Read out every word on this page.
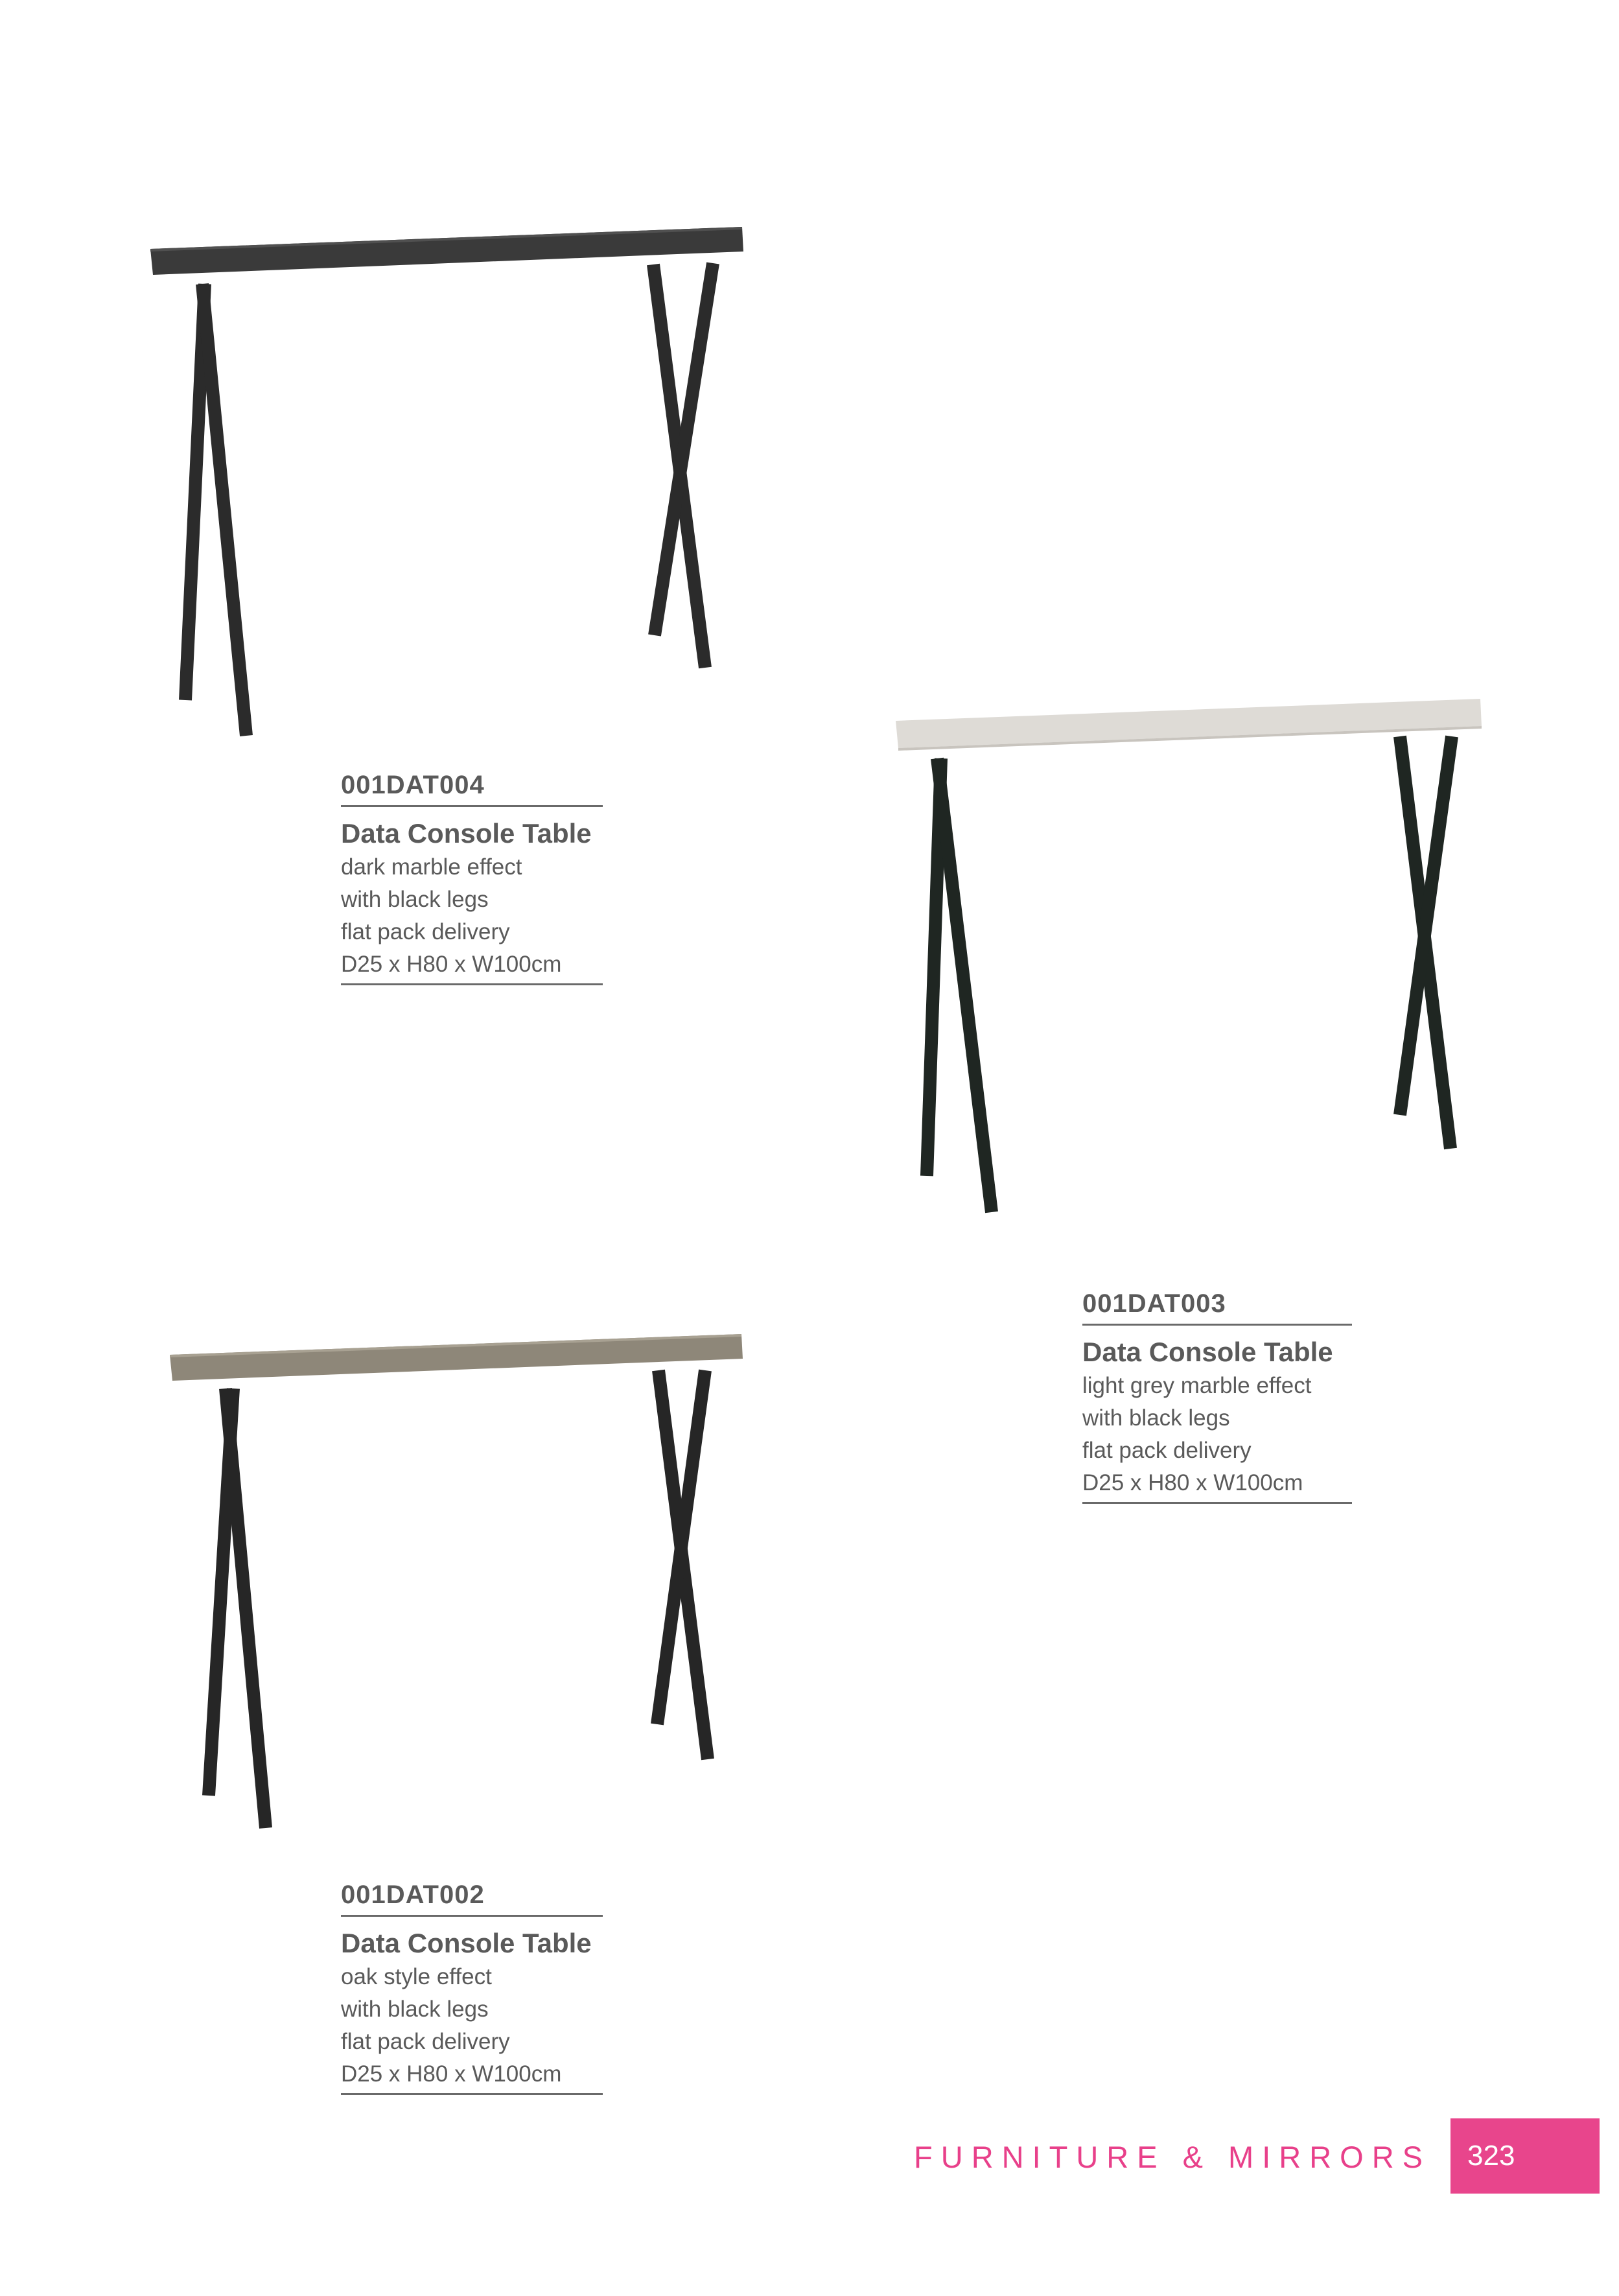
001DAT004
Data Console Table
dark marble effect
with black legs
flat pack delivery
D25 x H80 x W100cm
001DAT003
Data Console Table
light grey marble effect
with black legs
flat pack delivery
D25 x H80 x W100cm
001DAT002
Data Console Table
oak style effect
with black legs
flat pack delivery
D25 x H80 x W100cm
FURNITURE & MIRRORS	323
